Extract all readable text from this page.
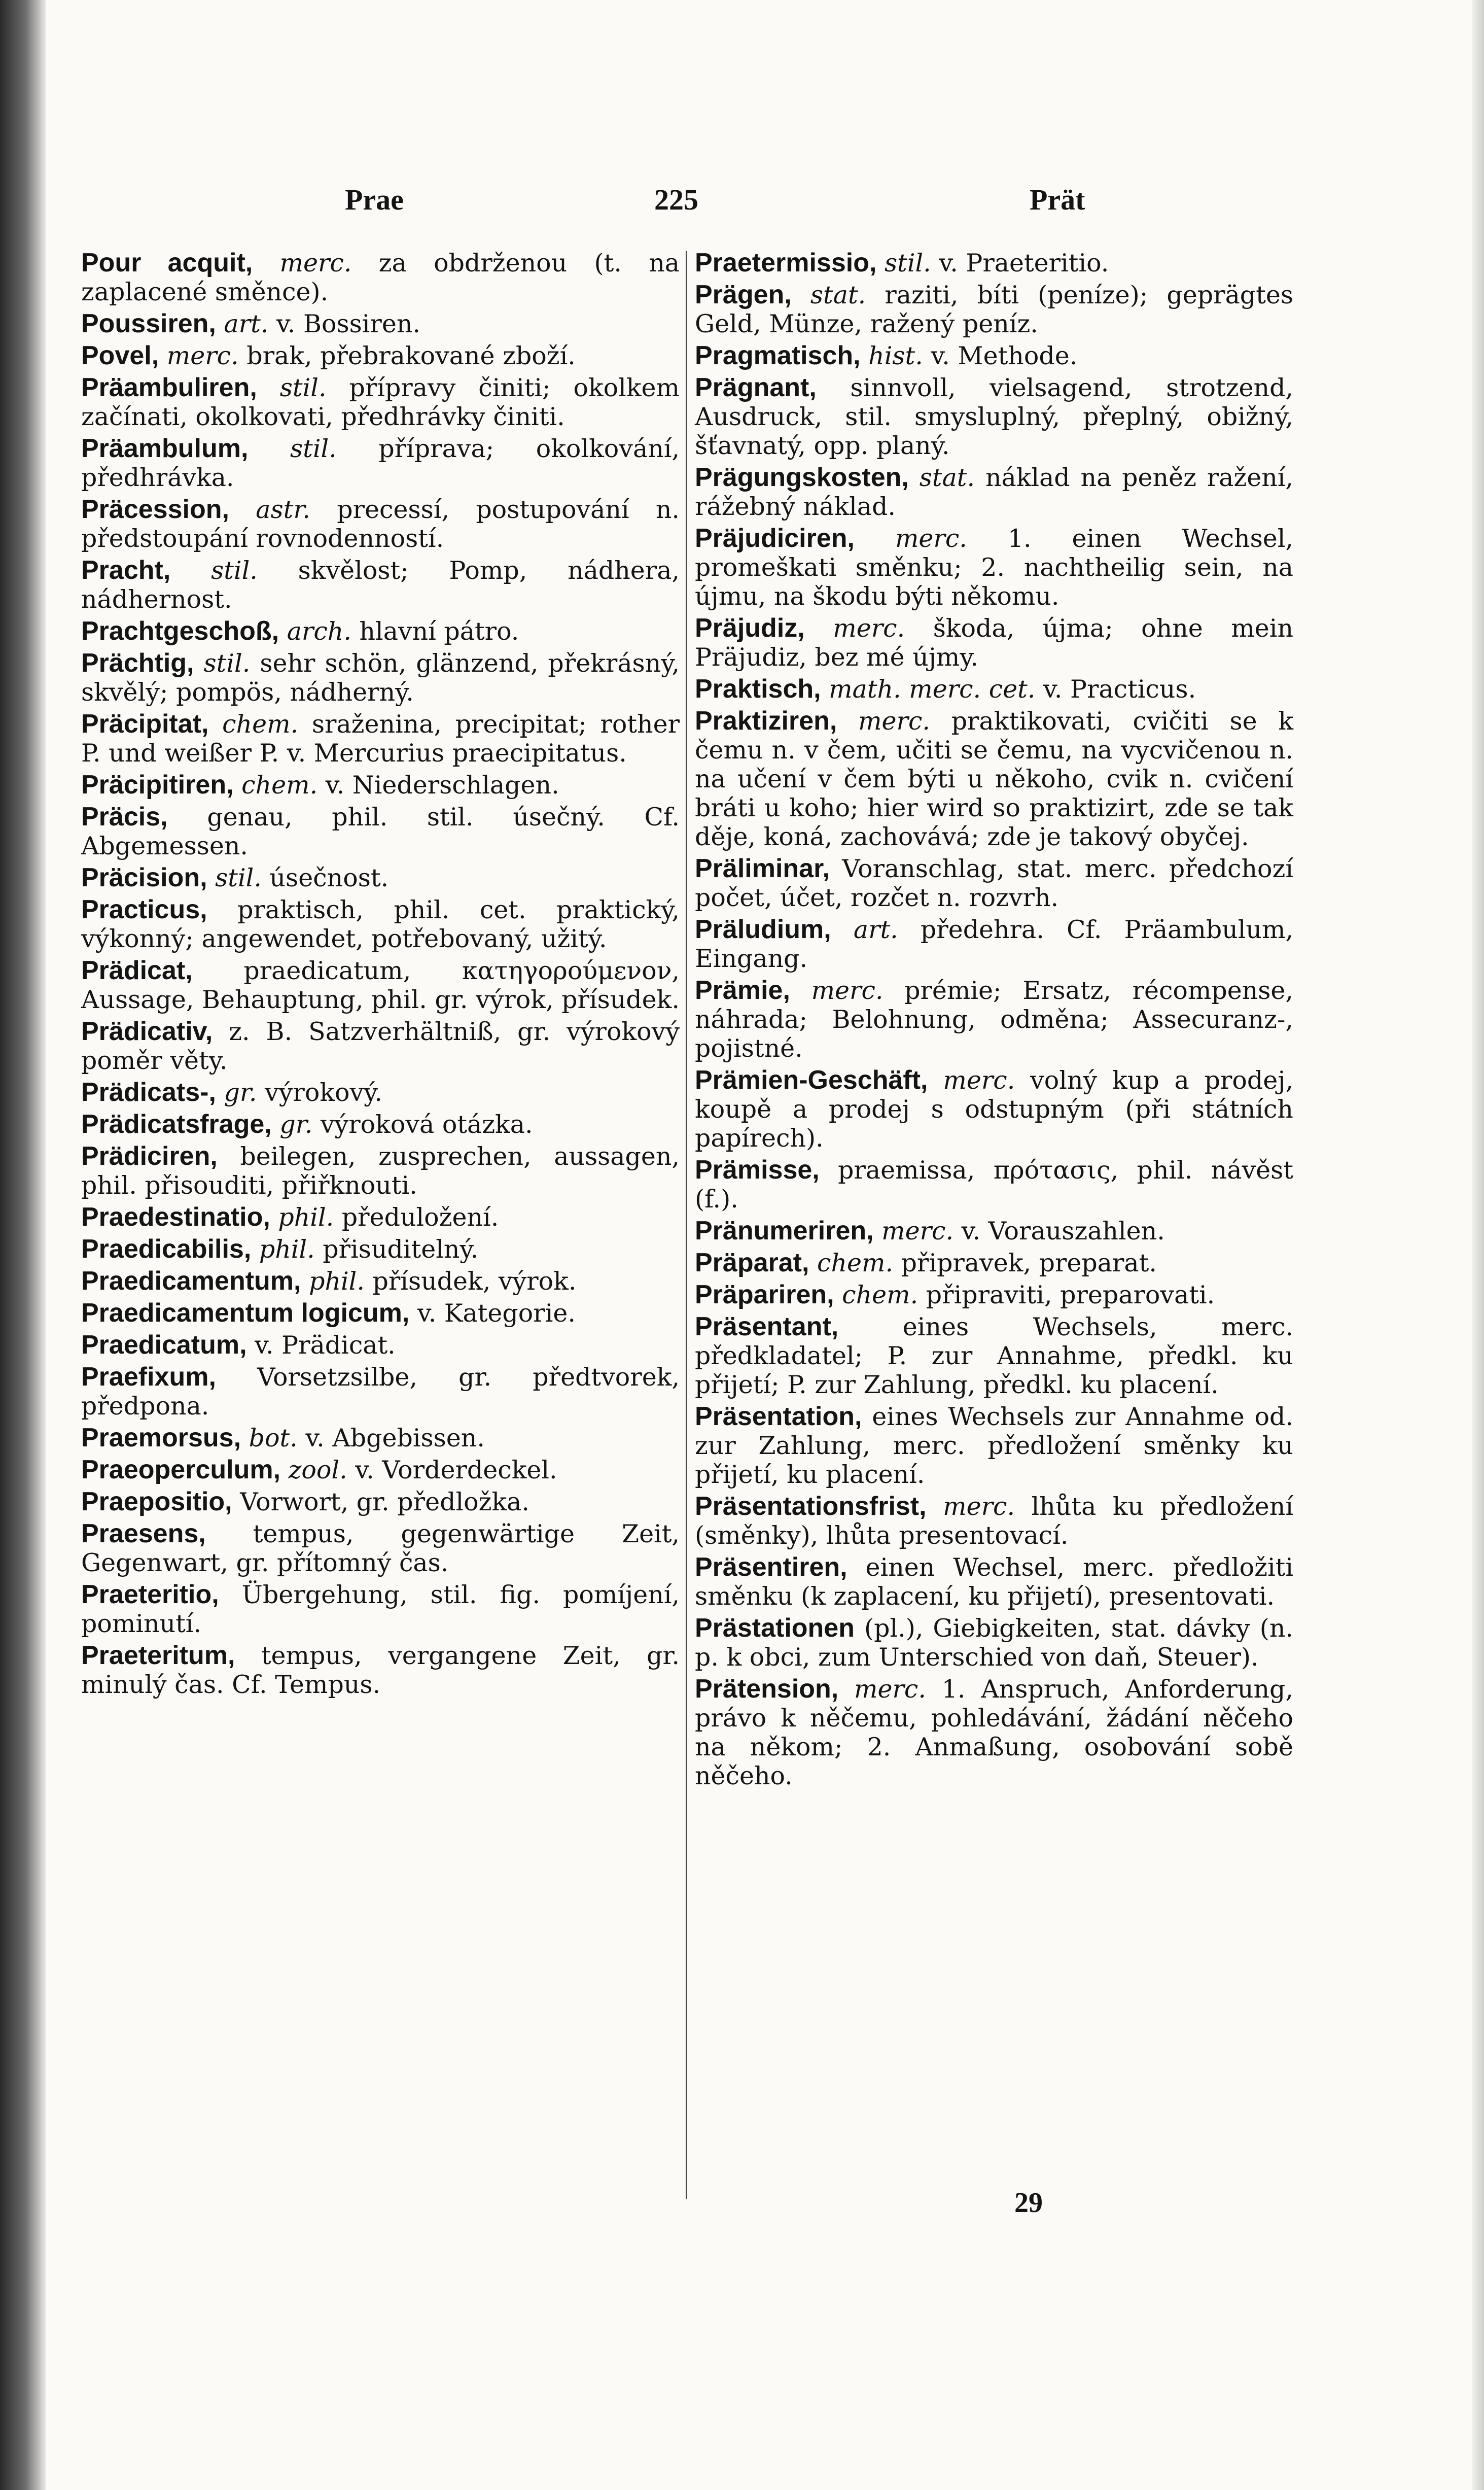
Prae	225	Prät

Pour acquit, merc. za obdrženou (t. na zaplacené směnce).

Poussiren, art. v. Bossiren.

Povel, merc. brak, přebrakované zboží.

Präambuliren, stil. přípravy činiti; okolkem začínati, okolkovati, předhrávky činiti.

Präambulum, stil. příprava; okolkování, předhrávka.

Präcession, astr. precessí, postupování n. předstoupání rovnodenností.

Pracht, stil. skvělost; Pomp, nádhera, nádhernost.

Prachtgeschoß, arch. hlavní pátro.

Prächtig, stil. sehr schön, glänzend, překrásný, skvělý; pompös, nádherný.

Präcipitat, chem. sraženina, precipitat; rother P. und weißer P. v. Mercurius praecipitatus.

Präcipitiren, chem. v. Niederschlagen.

Präcis, genau, phil. stil. úsečný. Cf. Abgemessen.

Präcision, stil. úsečnost.

Practicus, praktisch, phil. cet. praktický, výkonný; angewendet, potřebovaný, užitý.

Prädicat, praedicatum, κατηγορούμενον, Aussage, Behauptung, phil. gr. výrok, přísudek.

Prädicativ, z. B. Satzverhältniß, gr. výrokový poměr věty.

Prädicats-, gr. výrokový.

Prädicatsfrage, gr. výroková otázka.

Prädiciren, beilegen, zusprechen, aussagen, phil. přisouditi, přiřknouti.

Praedestinatio, phil. předuložení.

Praedicabilis, phil. přisuditelný.

Praedicamentum, phil. přísudek, výrok.

Praedicamentum logicum, v. Kategorie.

Praedicatum, v. Prädicat.

Praefixum, Vorsetzsilbe, gr. předtvorek, předpona.

Praemorsus, bot. v. Abgebissen.

Praeoperculum, zool. v. Vorderdeckel.

Praepositio, Vorwort, gr. předložka.

Praesens, tempus, gegenwärtige Zeit, Gegenwart, gr. přítomný čas.

Praeteritio, Übergehung, stil. fig. pomíjení, pominutí.

Praeteritum, tempus, vergangene Zeit, gr. minulý čas. Cf. Tempus.

Praetermissio, stil. v. Praeteritio.

Prägen, stat. raziti, bíti (peníze); geprägtes Geld, Münze, ražený peníz.

Pragmatisch, hist. v. Methode.

Prägnant, sinnvoll, vielsagend, strotzend, Ausdruck, stil. smysluplný, přeplný, obižný, šťavnatý, opp. planý.

Prägungskosten, stat. náklad na peněz ražení, rážebný náklad.

Präjudiciren, merc. 1. einen Wechsel, promeškati směnku; 2. nachtheilig sein, na újmu, na škodu býti někomu.

Präjudiz, merc. škoda, újma; ohne mein Präjudiz, bez mé újmy.

Praktisch, math. merc. cet. v. Practicus.

Praktiziren, merc. praktikovati, cvičiti se k čemu n. v čem, učiti se čemu, na vycvičenou n. na učení v čem býti u někoho, cvik n. cvičení bráti u koho; hier wird so praktizirt, zde se tak děje, koná, zachovává; zde je takový obyčej.

Präliminar, Voranschlag, stat. merc. předchozí počet, účet, rozčet n. rozvrh.

Präludium, art. předehra. Cf. Präambulum, Eingang.

Prämie, merc. prémie; Ersatz, récompense, náhrada; Belohnung, odměna; Assecuranz-, pojistné.

Prämien-Geschäft, merc. volný kup a prodej, koupě a prodej s odstupným (při státních papírech).

Prämisse, praemissa, πρότασις, phil. návěst (f.).

Pränumeriren, merc. v. Vorauszahlen.

Präparat, chem. připravek, preparat.

Präpariren, chem. připraviti, preparovati.

Präsentant,	eines Wechsels, merc. předkladatel; P. zur Annahme, předkl. ku přijetí; P. zur Zahlung, předkl. ku placení.

Präsentation, eines Wechsels zur Annahme od. zur Zahlung, merc. předložení směnky ku přijetí, ku placení.

Präsentationsfrist, merc. lhůta ku předložení (směnky), lhůta presentovací.

Präsentiren, einen Wechsel, merc. předložiti směnku (k zaplacení, ku přijetí), presentovati.

Prästationen (pl.), Giebigkeiten, stat. dávky (n. p. k obci, zum Unterschied von daň, Steuer).

Prätension, merc. 1. Anspruch, Anforderung, právo k něčemu, pohledávání, žádání něčeho na někom; 2. Anmaßung, osobování sobě něčeho.

29
